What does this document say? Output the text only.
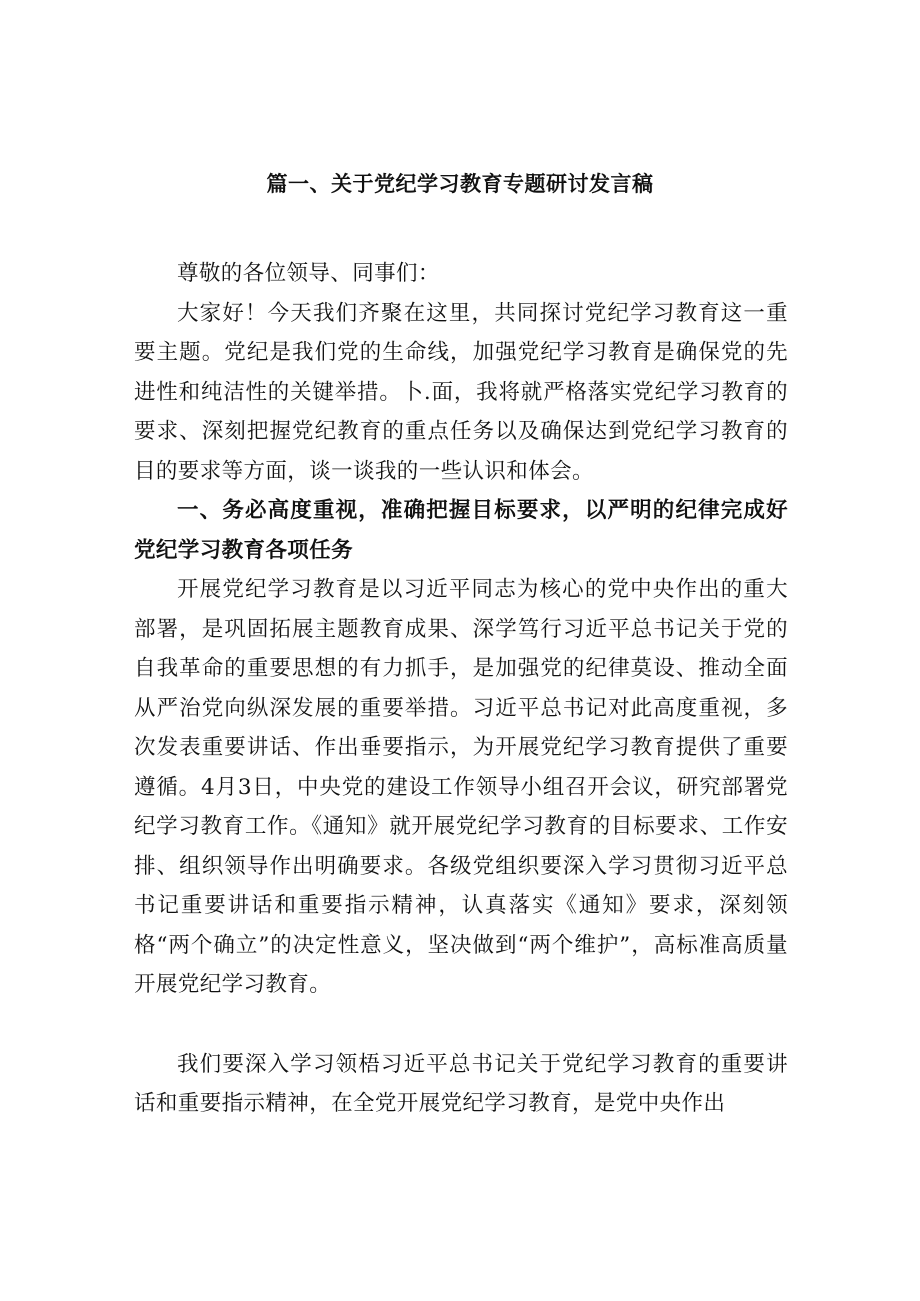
篇一、关于党纪学习教育专题研讨发言稿

尊敬的各位领导、同事们：

大家好！今天我们齐聚在这里，共同探讨党纪学习教育这一重要主题。党纪是我们党的生命线，加强党纪学习教育是确保党的先进性和纯洁性的关键举措。卜.面，我将就严格落实党纪学习教育的要求、深刻把握党纪教育的重点任务以及确保达到党纪学习教育的目的要求等方面，谈一谈我的一些认识和体会。

一、务必高度重视，准确把握目标要求，以严明的纪律完成好党纪学习教育各项任务

开展党纪学习教育是以习近平同志为核心的党中央作出的重大部署，是巩固拓展主题教育成果、深学笃行习近平总书记关于党的自我革命的重要思想的有力抓手，是加强党的纪律莫设、推动全面从严治党向纵深发展的重要举措。习近平总书记对此高度重视，多次发表重要讲话、作出垂要指示，为开展党纪学习教育提供了重要遵循。4月3日，中央党的建设工作领导小组召开会议，研究部署党纪学习教育工作。《通知》就开展党纪学习教育的目标要求、工作安排、组织领导作出明确要求。各级党组织要深入学习贯彻习近平总书记重要讲话和重要指示精神，认真落实《通知》要求，深刻领格“两个确立”的决定性意义，坚决做到“两个维护”，高标准高质量开展党纪学习教育。

我们要深入学习领梧习近平总书记关于党纪学习教育的重要讲话和重要指示精神，在全党开展党纪学习教育，是党中央作出
